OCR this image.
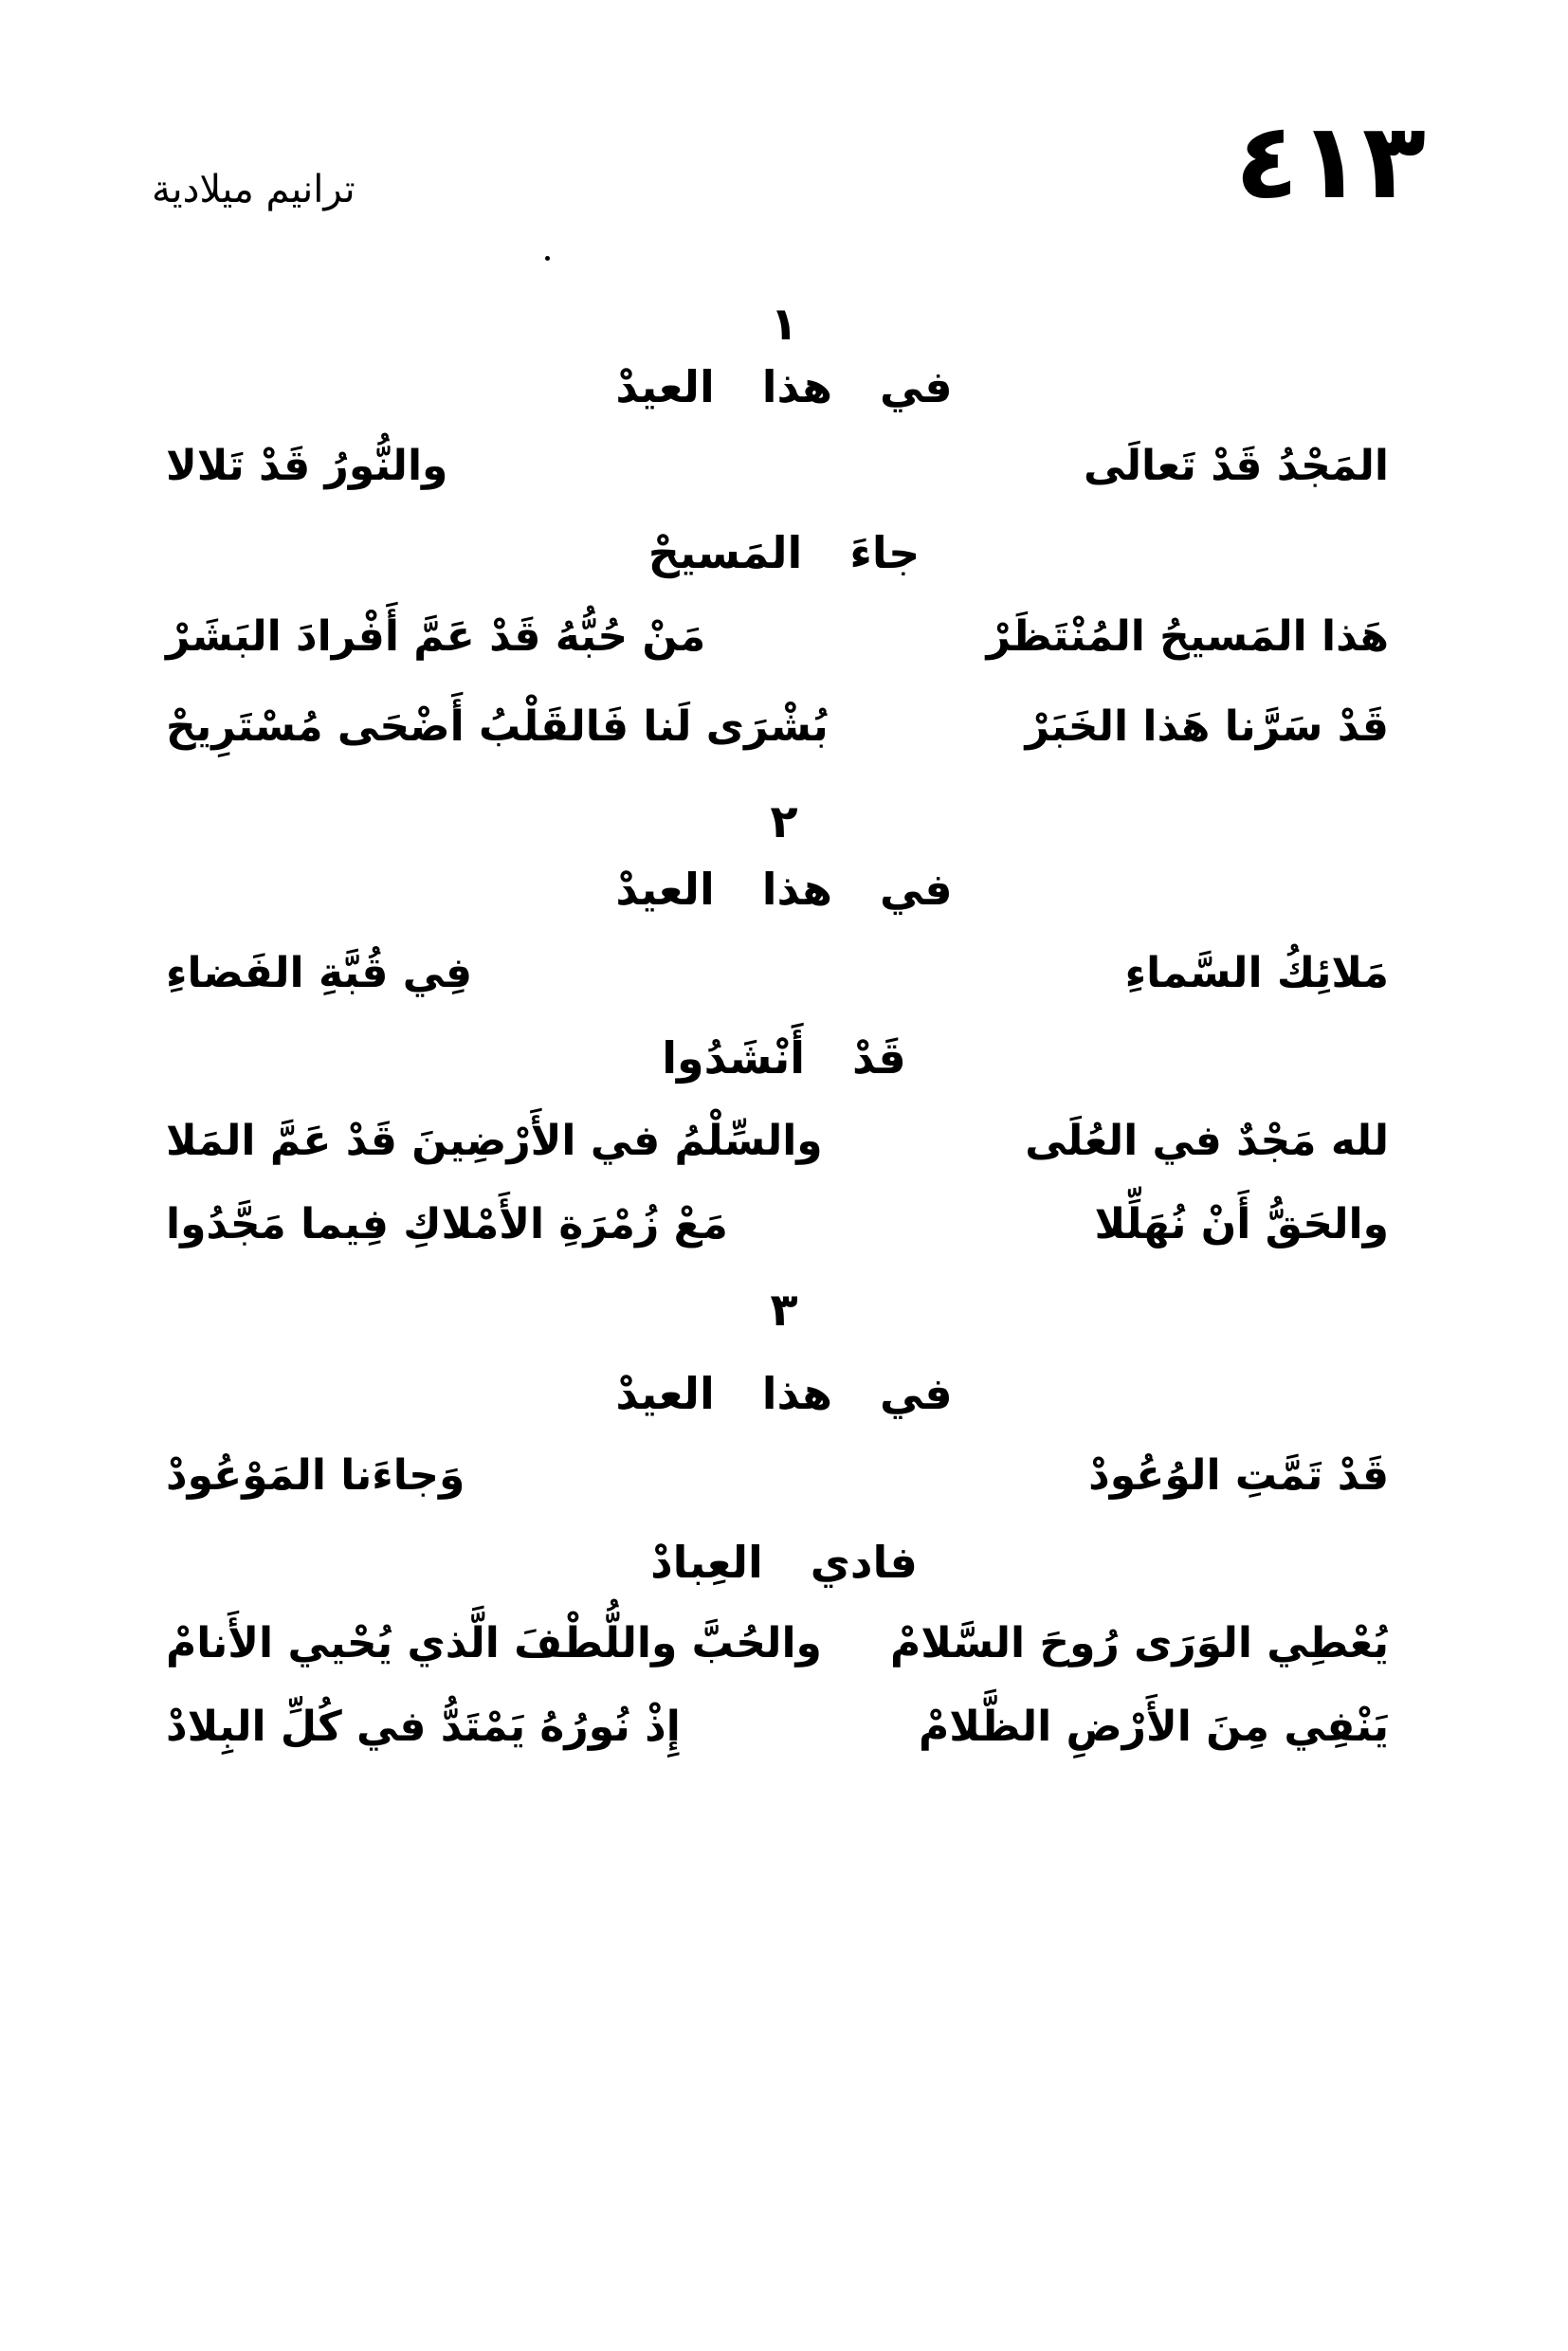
٤١٣
ترانيم ميلادية
١
في هذا العيدْ
المَجْدُ قَدْ تَعالَى
والنُّورُ قَدْ تَلالا
جاءَ المَسيحْ
هَذا المَسيحُ المُنْتَظَرْ
مَنْ حُبُّهُ قَدْ عَمَّ أَفْرادَ البَشَرْ
قَدْ سَرَّنا هَذا الخَبَرْ
بُشْرَى لَنا فَالقَلْبُ أَضْحَى مُسْتَرِيحْ
٢
في هذا العيدْ
مَلائِكُ السَّماءِ
فِي قُبَّةِ الفَضاءِ
قَدْ أَنْشَدُوا
لله مَجْدٌ في العُلَى
والسِّلْمُ في الأَرْضِينَ قَدْ عَمَّ المَلا
والحَقُّ أَنْ نُهَلِّلا
مَعْ زُمْرَةِ الأَمْلاكِ فِيما مَجَّدُوا
٣
في هذا العيدْ
قَدْ تَمَّتِ الوُعُودْ
وَجاءَنا المَوْعُودْ
فادي العِبادْ
يُعْطِي الوَرَى رُوحَ السَّلامْ
والحُبَّ واللُّطْفَ الَّذي يُحْيي الأَنامْ
يَنْفِي مِنَ الأَرْضِ الظَّلامْ
إِذْ نُورُهُ يَمْتَدُّ في كُلِّ البِلادْ
